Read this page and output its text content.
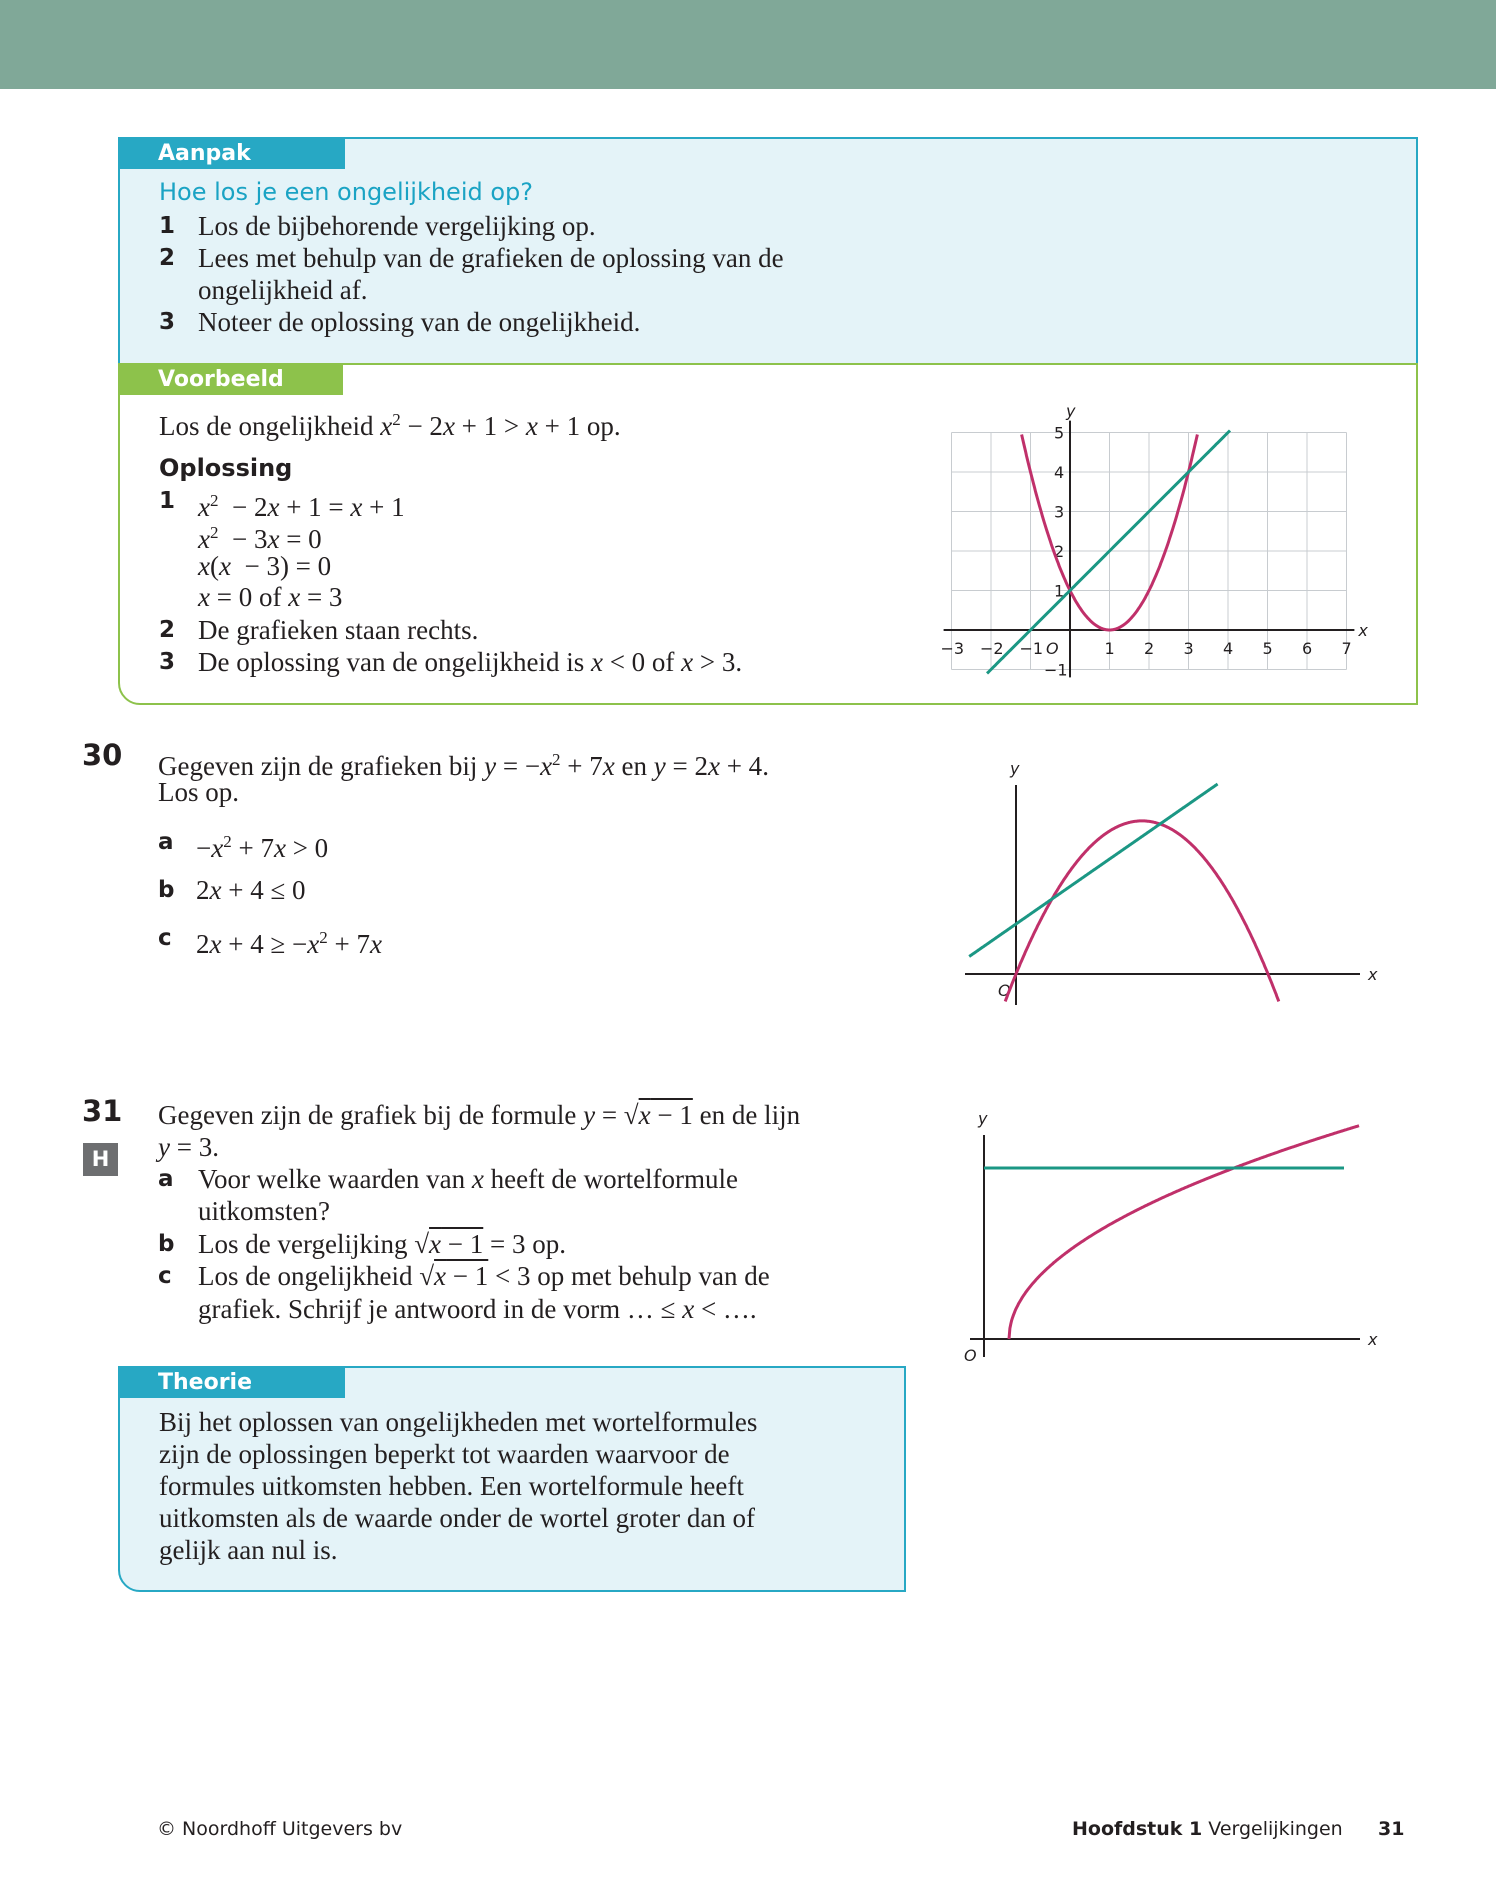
Aanpak
Hoe los je een ongelijkheid op?
1 Los de bijbehorende vergelijking op.
2 Lees met behulp van de grafieken de oplossing van de
ongelijkheid af.
3 Noteer de oplossing van de ongelijkheid.
Voorbeeld
Los de ongelijkheid $x^2 - 2x + 1 > x + 1$ op.
Oplossing
1 $x^2 - 2x + 1 = x + 1$
$x^2 - 3x = 0$
x(x  − 3) = 0
x = 0 of x = 3
2 De grafieken staan rechts.
3 De oplossing van de ongelijkheid is x < 0 of x > 3.	−3 −2 −1	1 2 3 4 5 6 7
−1
1
2
3
4
5
O
x
y
30 Gegeven zijn de grafieken bij $y = -x^2 + 7x$ en y = 2x + 4.
Los op.
$a -x^2 + 7x > 0$
b 2x + 4 ≤ 0
c $2x + 4 \ge -x^2 + 7x$
x
y
O
31
H
Gegeven zijn de grafiek bij de formule y = √x − 1 en de lijn
y = 3.
a Voor welke waarden van x heeft de wortelformule
uitkomsten?
b Los de vergelijking √x − 1 = 3 op.
c Los de ongelijkheid √x − 1 < 3 op met behulp van de
grafiek. Schrijf je antwoord in de vorm … ≤ x < ….
x
y
O
Theorie
Bij het oplossen van ongelijkheden met wortelformules
zijn de oplossingen beperkt tot waarden waarvoor de
formules uitkomsten hebben. Een wortelformule heeft
uitkomsten als de waarde onder de wortel groter dan of
gelijk aan nul is.
© Noordhoff Uitgevers bv	Hoofdstuk 1 Vergelijkingen 31
